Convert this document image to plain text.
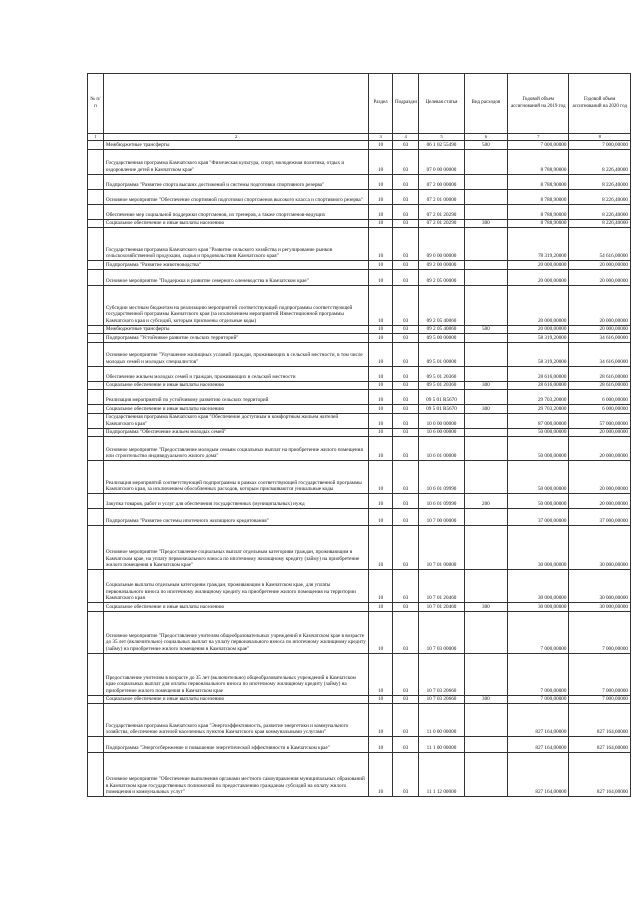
№ п/п		Раздел	Подраздел	Целевая статья	Вид расходов	Годовой объем ассигнований на 2019 год	Годовой объем ассигнований на 2020 год
1	2	3	4	5	6	7	8
	Межбюджетные трансферты	10	03	06 1 02 55490	500	7 000,00000	7 000,00000
	Государственная программа Камчатского края "Физическая культура, спорт, молодежная политика, отдых и оздоровление детей в Камчатском крае"	10	03	07 0 00 00000		8 788,90000	8 226,40000
	Подпрограмма "Развитие спорта высших достижений и системы подготовки спортивного резерва"	10	03	07 2 00 00000		8 788,90000	8 226,40000
	Основное мероприятие "Обеспечение спортивной подготовки спортсменов высокого класса и спортивного резерва"	10	03	07 2 01 00000		8 788,90000	8 226,40000
	Обеспечение мер социальной поддержки спортсменов, их тренеров, а также спортсменов-ведущих	10	03	07 2 01 20290		8 788,90000	8 226,40000
	Социальное обеспечение и иные выплаты населению	10	03	07 2 01 20290	300	8 788,90000	8 226,40000
	Государственная программа Камчатского края "Развитие сельского хозяйства и регулирование рынков сельскохозяйственной продукции, сырья и продовольствия Камчатского края"	10	03	09 0 00 00000		78 319,20000	54 616,00000
	Подпрограмма "Развитие животноводства"	10	03	09 2 00 00000		20 000,00000	20 000,00000
	Основное мероприятие "Поддержка и развитие северного оленеводства в Камчатском крае"	10	03	09 2 05 00000		20 000,00000	20 000,00000
	Субсидии местным бюджетам на реализацию мероприятий соответствующей подпрограммы соответствующей государственной программы Камчатского края (за исключением мероприятий Инвестиционной программы Камчатского края и субсидий, которым присвоены отдельные коды)	10	03	09 2 05 40060		20 000,00000	20 000,00000
	Межбюджетные трансферты	10	03	09 2 05 40060	500	20 000,00000	20 000,00000
	Подпрограмма "Устойчивое развитие сельских территорий"	10	03	09 5 00 00000		58 319,20000	34 616,00000
	Основное мероприятие "Улучшение жилищных условий граждан, проживающих в сельской местности, в том числе молодых семей и молодых специалистов"	10	03	09 5 01 00000		58 319,20000	34 616,00000
	Обеспечение жильем молодых семей и граждан, проживающих в сельской местности	10	03	09 5 01 20360		28 616,00000	28 616,00000
	Социальное обеспечение и иные выплаты населению	10	03	09 5 01 20360	300	28 616,00000	28 616,00000
	Реализация мероприятий по устойчивому развитию сельских территорий	10	03	09 5 01 R5670		29 703,20000	6 000,00000
	Социальное обеспечение и иные выплаты населению	10	03	09 5 01 R5670	300	29 703,20000	6 000,00000
	Государственная программа Камчатского края "Обеспечение доступным и комфортным жильем жителей Камчатского края"	10	03	10 0 00 00000		87 000,00000	57 000,00000
	Подпрограмма "Обеспечение жильем молодых семей"	10	03	10 6 00 00000		50 000,00000	20 000,00000
	Основное мероприятие "Предоставление молодым семьям социальных выплат на приобретение жилого помещения или строительство индивидуального жилого дома"	10	03	10 6 01 00000		50 000,00000	20 000,00000
	Реализация мероприятий соответствующей подпрограммы в рамках соответствующей государственной программы Камчатского края, за исключением обособленных расходов, которым присваиваются уникальные коды	10	03	10 6 01 09990		50 000,00000	20 000,00000
	Закупка товаров, работ и услуг для обеспечения государственных (муниципальных) нужд	10	03	10 6 01 09990	200	50 000,00000	20 000,00000
	Подпрограмма "Развитие системы ипотечного жилищного кредитования"	10	03	10 7 00 00000		37 000,00000	37 000,00000
	Основное мероприятие "Предоставление социальных выплат отдельным категориям граждан, проживающим в Камчатском крае, на уплату первоначального взноса по ипотечному жилищному кредиту (займу) на приобретение жилого помещения в Камчатском крае"	10	03	10 7 01 00000		30 000,00000	30 000,00000
	Социальные выплаты отдельным категориям граждан, проживающим в Камчатском крае, для уплаты первоначального взноса по ипотечному жилищному кредиту на приобретение жилого помещения на территории Камчатского края	10	03	10 7 01 20460		30 000,00000	30 000,00000
	Социальное обеспечение и иные выплаты населению	10	03	10 7 01 20460	300	30 000,00000	30 000,00000
	Основное мероприятие "Предоставление учителям общеобразовательных учреждений в Камчатском крае в возрасте до 35 лет (включительно) социальных выплат на уплату первоначального взноса по ипотечному жилищному кредиту (займу) на приобретение жилого помещения в Камчатском крае"	10	03	10 7 03 00000		7 000,00000	7 000,00000
	Предоставление учителям в возрасте до 35 лет (включительно) общеобразовательных учреждений в Камчатском крае социальных выплат для оплаты первоначального взноса по ипотечному жилищному кредиту (займу) на приобретение жилого помещения в Камчатском крае	10	03	10 7 03 20660		7 000,00000	7 000,00000
	Социальное обеспечение и иные выплаты населению	10	03	10 7 03 20660	300	7 000,00000	7 000,00000
	Государственная программа Камчатского края "Энергоэффективность, развитие энергетики и коммунального хозяйства, обеспечение жителей населенных пунктов Камчатского края коммунальными услугами"	10	03	11 0 00 00000		827 164,00000	827 164,00000
	Подпрограмма "Энергосбережение и повышение энергетической эффективности в Камчатском крае"	10	03	11 1 00 00000		827 164,00000	827 164,00000
	Основное мероприятие "Обеспечение выполнения органами местного самоуправления муниципальных образований в Камчатском крае государственных полномочий по предоставлению гражданам субсидий на оплату жилого помещения и коммунальных услуг"	10	03	11 1 12 00000		827 164,00000	827 164,00000
